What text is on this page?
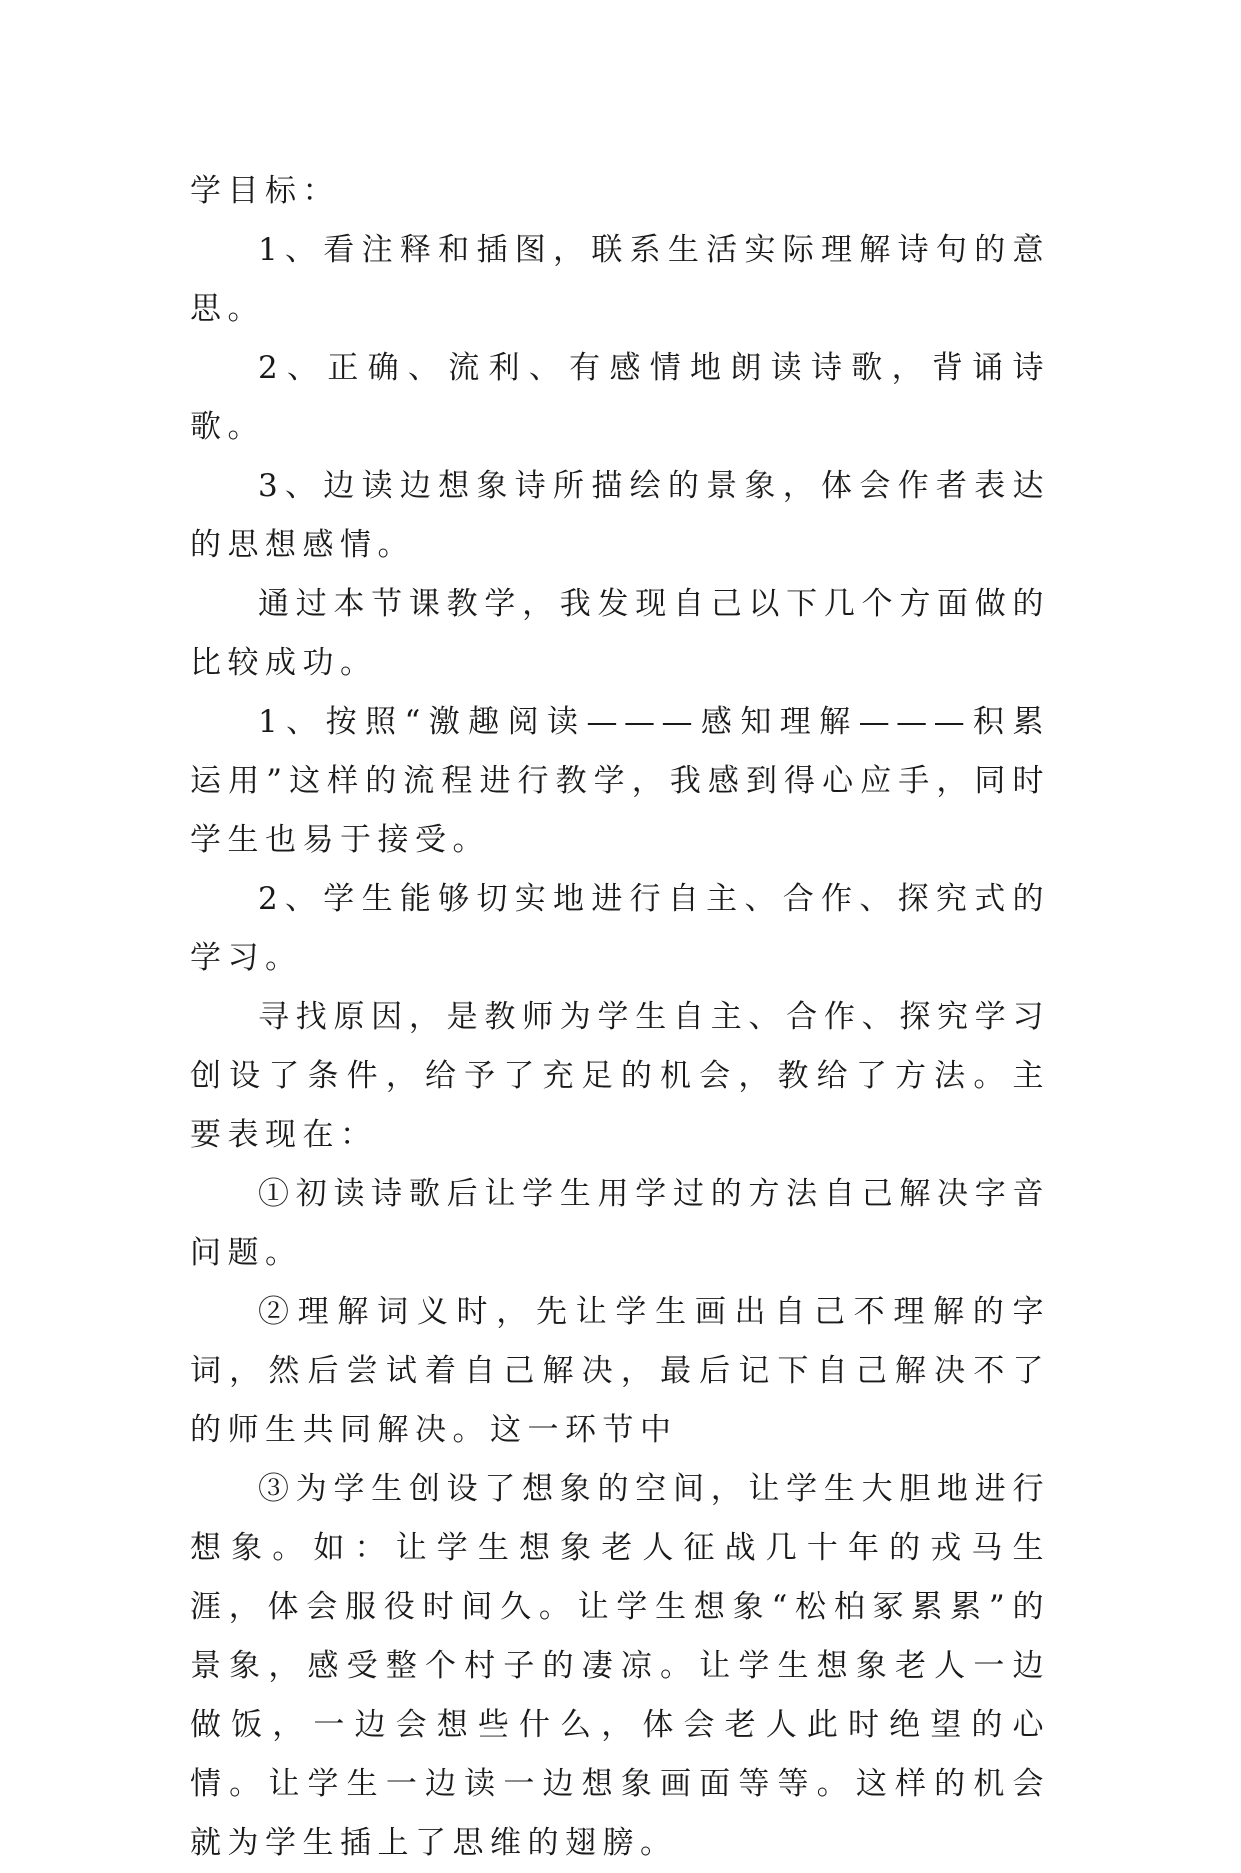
学目标：

1、看注释和插图，联系生活实际理解诗句的意思。

2、正确、流利、有感情地朗读诗歌，背诵诗歌。

3、边读边想象诗所描绘的景象，体会作者表达的思想感情。

通过本节课教学，我发现自己以下几个方面做的比较成功。

1、按照“激趣阅读———感知理解———积累运用”这样的流程进行教学，我感到得心应手，同时学生也易于接受。

2、学生能够切实地进行自主、合作、探究式的学习。

寻找原因，是教师为学生自主、合作、探究学习创设了条件，给予了充足的机会，教给了方法。主要表现在：

①初读诗歌后让学生用学过的方法自己解决字音问题。

②理解词义时，先让学生画出自己不理解的字词，然后尝试着自己解决，最后记下自己解决不了的师生共同解决。这一环节中

③为学生创设了想象的空间，让学生大胆地进行想象。如：让学生想象老人征战几十年的戎马生涯，体会服役时间久。让学生想象“松柏冢累累”的景象，感受整个村子的凄凉。让学生想象老人一边做饭，一边会想些什么，体会老人此时绝望的心情。让学生一边读一边想象画面等等。这样的机会就为学生插上了思维的翅膀。
